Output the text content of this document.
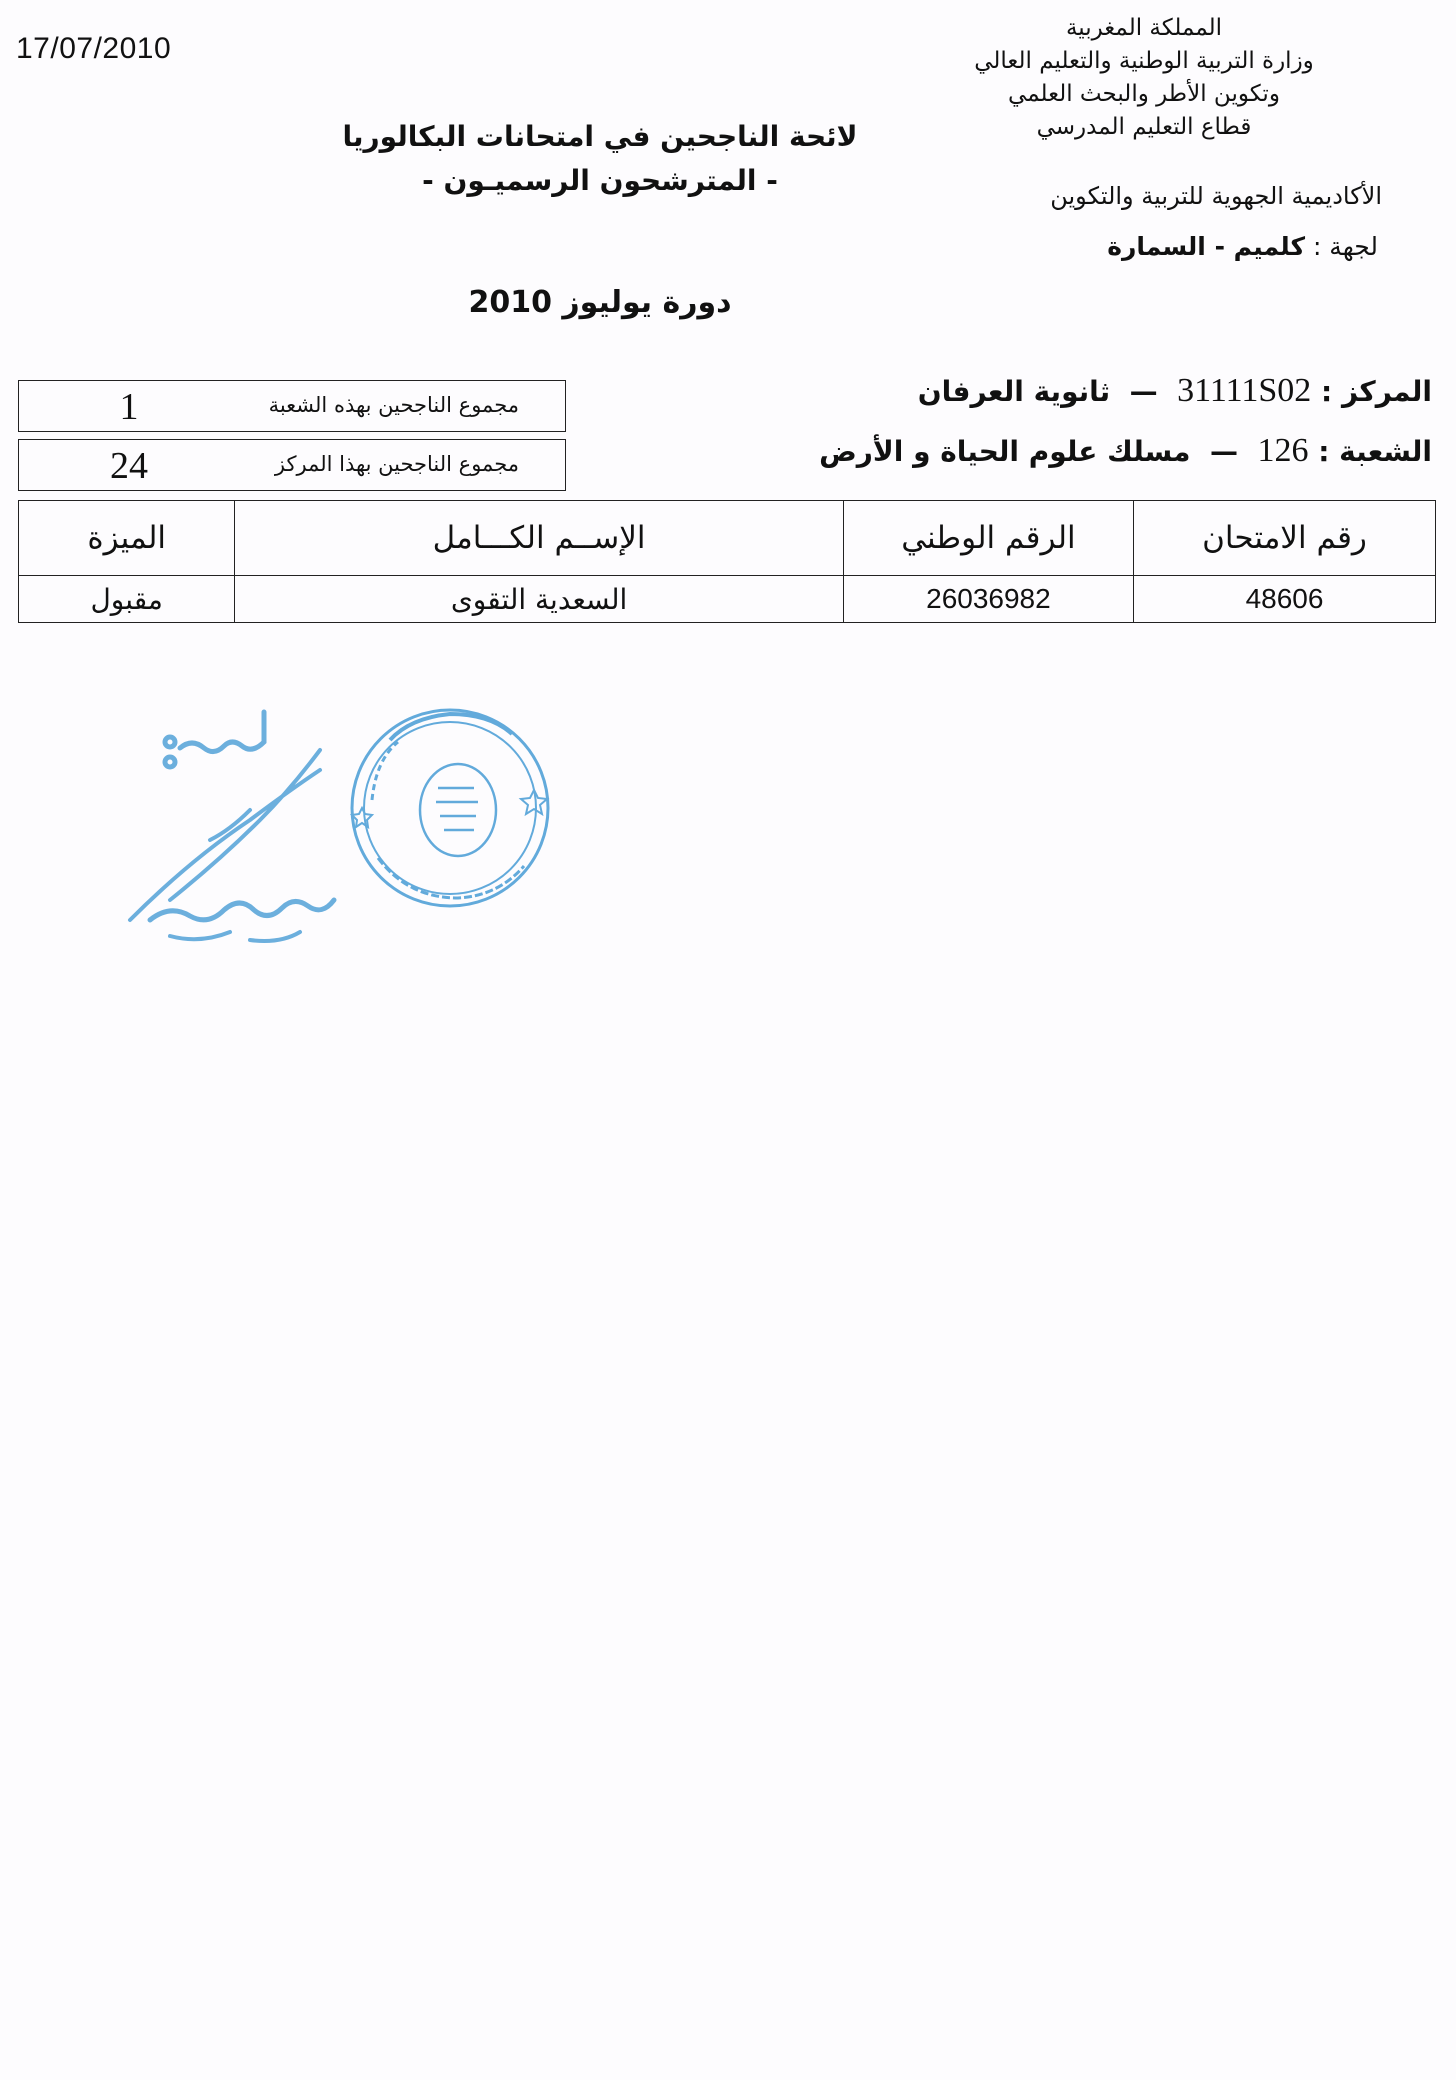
17/07/2010
المملكة المغربية
وزارة التربية الوطنية والتعليم العالي
وتكوين الأطر والبحث العلمي
قطاع التعليم المدرسي
الأكاديمية الجهوية للتربية والتكوين
لجهة : كلميم - السمارة
لائحة الناجحين في امتحانات البكالوريا
- المترشحون الرسميـون -
دورة يوليوز 2010
مجموع الناجحين بهذه الشعبة
1
مجموع الناجحين بهذا المركز
24
المركز : 31111S02  —  ثانوية العرفان
الشعبة : 126  —  مسلك علوم الحياة و الأرض
رقم الامتحان	الرقم الوطني	الإســم الكـــامل	الميزة
48606	26036982	السعدية التقوى	مقبول
